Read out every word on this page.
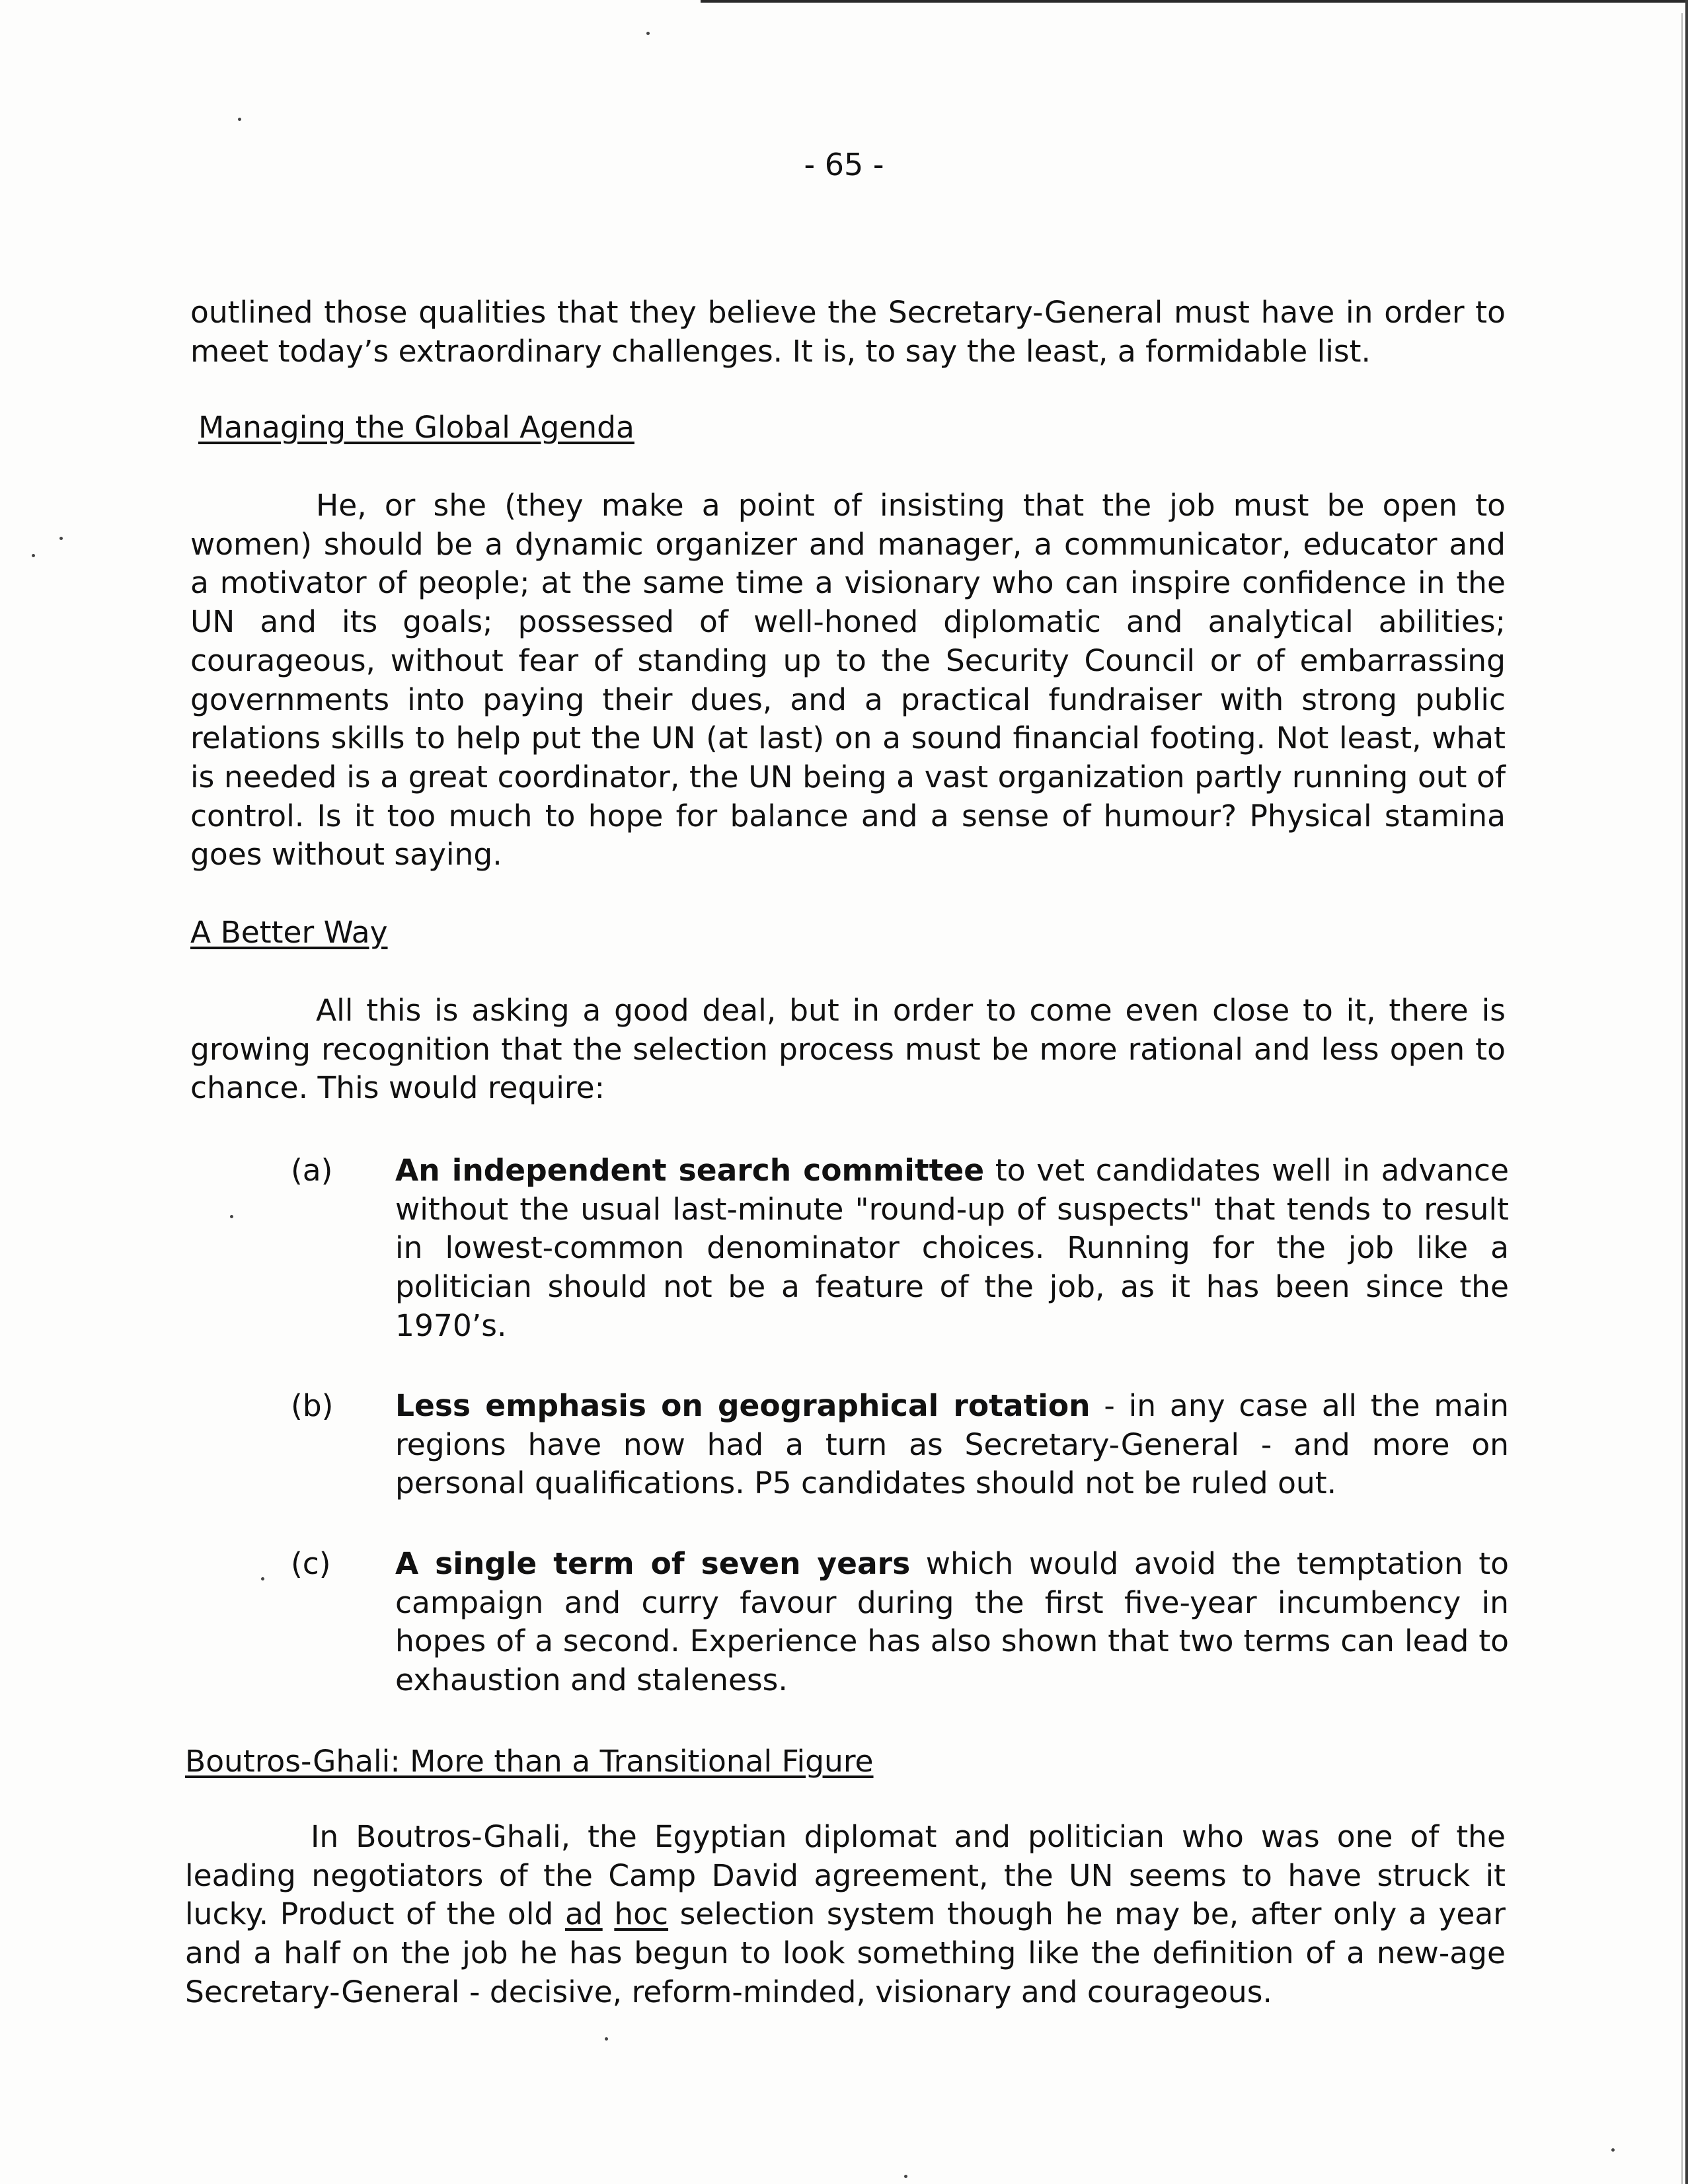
- 65 -
outlined those qualities that they believe the Secretary-General must have in order to meet today’s extraordinary challenges. It is, to say the least, a formidable list.
Managing the Global Agenda
He, or she (they make a point of insisting that the job must be open to women) should be a dynamic organizer and manager, a communicator, educator and a motivator of people; at the same time a visionary who can inspire confidence in the UN and its goals; possessed of well-honed diplomatic and analytical abilities; courageous, without fear of standing up to the Security Council or of embarrassing governments into paying their dues, and a practical fundraiser with strong public relations skills to help put the UN (at last) on a sound financial footing. Not least, what is needed is a great coordinator, the UN being a vast organization partly running out of control. Is it too much to hope for balance and a sense of humour? Physical stamina goes without saying.
A Better Way
All this is asking a good deal, but in order to come even close to it, there is growing recognition that the selection process must be more rational and less open to chance. This would require:
(a)	An independent search committee to vet candidates well in advance without the usual last-minute "round-up of suspects" that tends to result in lowest-common denominator choices. Running for the job like a politician should not be a feature of the job, as it has been since the 1970’s.
(b)	Less emphasis on geographical rotation - in any case all the main regions have now had a turn as Secretary-General - and more on personal qualifications. P5 candidates should not be ruled out.
(c)	A single term of seven years which would avoid the temptation to campaign and curry favour during the first five-year incumbency in hopes of a second. Experience has also shown that two terms can lead to exhaustion and staleness.
Boutros-Ghali: More than a Transitional Figure
In Boutros-Ghali, the Egyptian diplomat and politician who was one of the leading negotiators of the Camp David agreement, the UN seems to have struck it lucky. Product of the old ad hoc selection system though he may be, after only a year and a half on the job he has begun to look something like the definition of a new-age Secretary-General - decisive, reform-minded, visionary and courageous.
